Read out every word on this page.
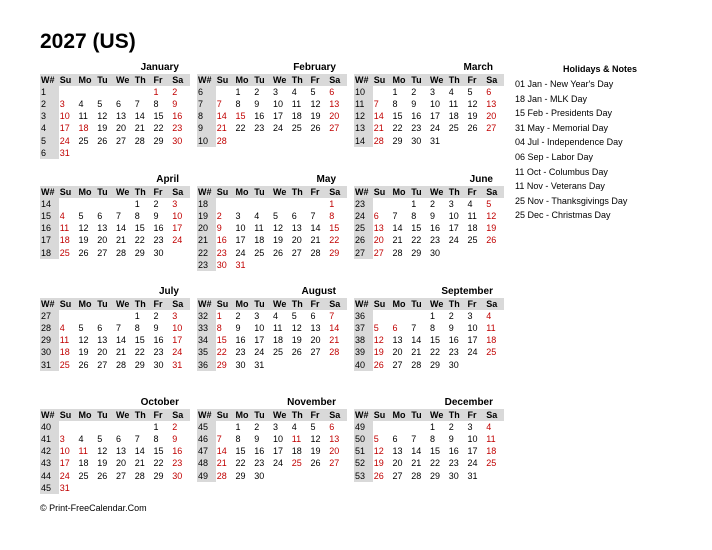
2027 (US)
January
W#	Su	Mo	Tu	We	Th	Fr	Sa
1						1	2
2	3	4	5	6	7	8	9
3	10	11	12	13	14	15	16
4	17	18	19	20	21	22	23
5	24	25	26	27	28	29	30
6	31						
February
W#	Su	Mo	Tu	We	Th	Fr	Sa
6		1	2	3	4	5	6
7	7	8	9	10	11	12	13
8	14	15	16	17	18	19	20
9	21	22	23	24	25	26	27
10	28						
March
W#	Su	Mo	Tu	We	Th	Fr	Sa
10		1	2	3	4	5	6
11	7	8	9	10	11	12	13
12	14	15	16	17	18	19	20
13	21	22	23	24	25	26	27
14	28	29	30	31			
April
W#	Su	Mo	Tu	We	Th	Fr	Sa
14					1	2	3
15	4	5	6	7	8	9	10
16	11	12	13	14	15	16	17
17	18	19	20	21	22	23	24
18	25	26	27	28	29	30	
May
W#	Su	Mo	Tu	We	Th	Fr	Sa
18							1
19	2	3	4	5	6	7	8
20	9	10	11	12	13	14	15
21	16	17	18	19	20	21	22
22	23	24	25	26	27	28	29
23	30	31					
June
W#	Su	Mo	Tu	We	Th	Fr	Sa
23			1	2	3	4	5
24	6	7	8	9	10	11	12
25	13	14	15	16	17	18	19
26	20	21	22	23	24	25	26
27	27	28	29	30			
July
W#	Su	Mo	Tu	We	Th	Fr	Sa
27					1	2	3
28	4	5	6	7	8	9	10
29	11	12	13	14	15	16	17
30	18	19	20	21	22	23	24
31	25	26	27	28	29	30	31
August
W#	Su	Mo	Tu	We	Th	Fr	Sa
32	1	2	3	4	5	6	7
33	8	9	10	11	12	13	14
34	15	16	17	18	19	20	21
35	22	23	24	25	26	27	28
36	29	30	31				
September
W#	Su	Mo	Tu	We	Th	Fr	Sa
36				1	2	3	4
37	5	6	7	8	9	10	11
38	12	13	14	15	16	17	18
39	19	20	21	22	23	24	25
40	26	27	28	29	30		
October
W#	Su	Mo	Tu	We	Th	Fr	Sa
40						1	2
41	3	4	5	6	7	8	9
42	10	11	12	13	14	15	16
43	17	18	19	20	21	22	23
44	24	25	26	27	28	29	30
45	31						
November
W#	Su	Mo	Tu	We	Th	Fr	Sa
45		1	2	3	4	5	6
46	7	8	9	10	11	12	13
47	14	15	16	17	18	19	20
48	21	22	23	24	25	26	27
49	28	29	30				
December
W#	Su	Mo	Tu	We	Th	Fr	Sa
49				1	2	3	4
50	5	6	7	8	9	10	11
51	12	13	14	15	16	17	18
52	19	20	21	22	23	24	25
53	26	27	28	29	30	31	
Holidays & Notes
01 Jan - New Year's Day
18 Jan - MLK Day
15 Feb - Presidents Day
31 May - Memorial Day
04 Jul - Independence Day
06 Sep - Labor Day
11 Oct - Columbus Day
11 Nov - Veterans Day
25 Nov - Thanksgivings Day
25 Dec - Christmas Day
© Print-FreeCalendar.Com
